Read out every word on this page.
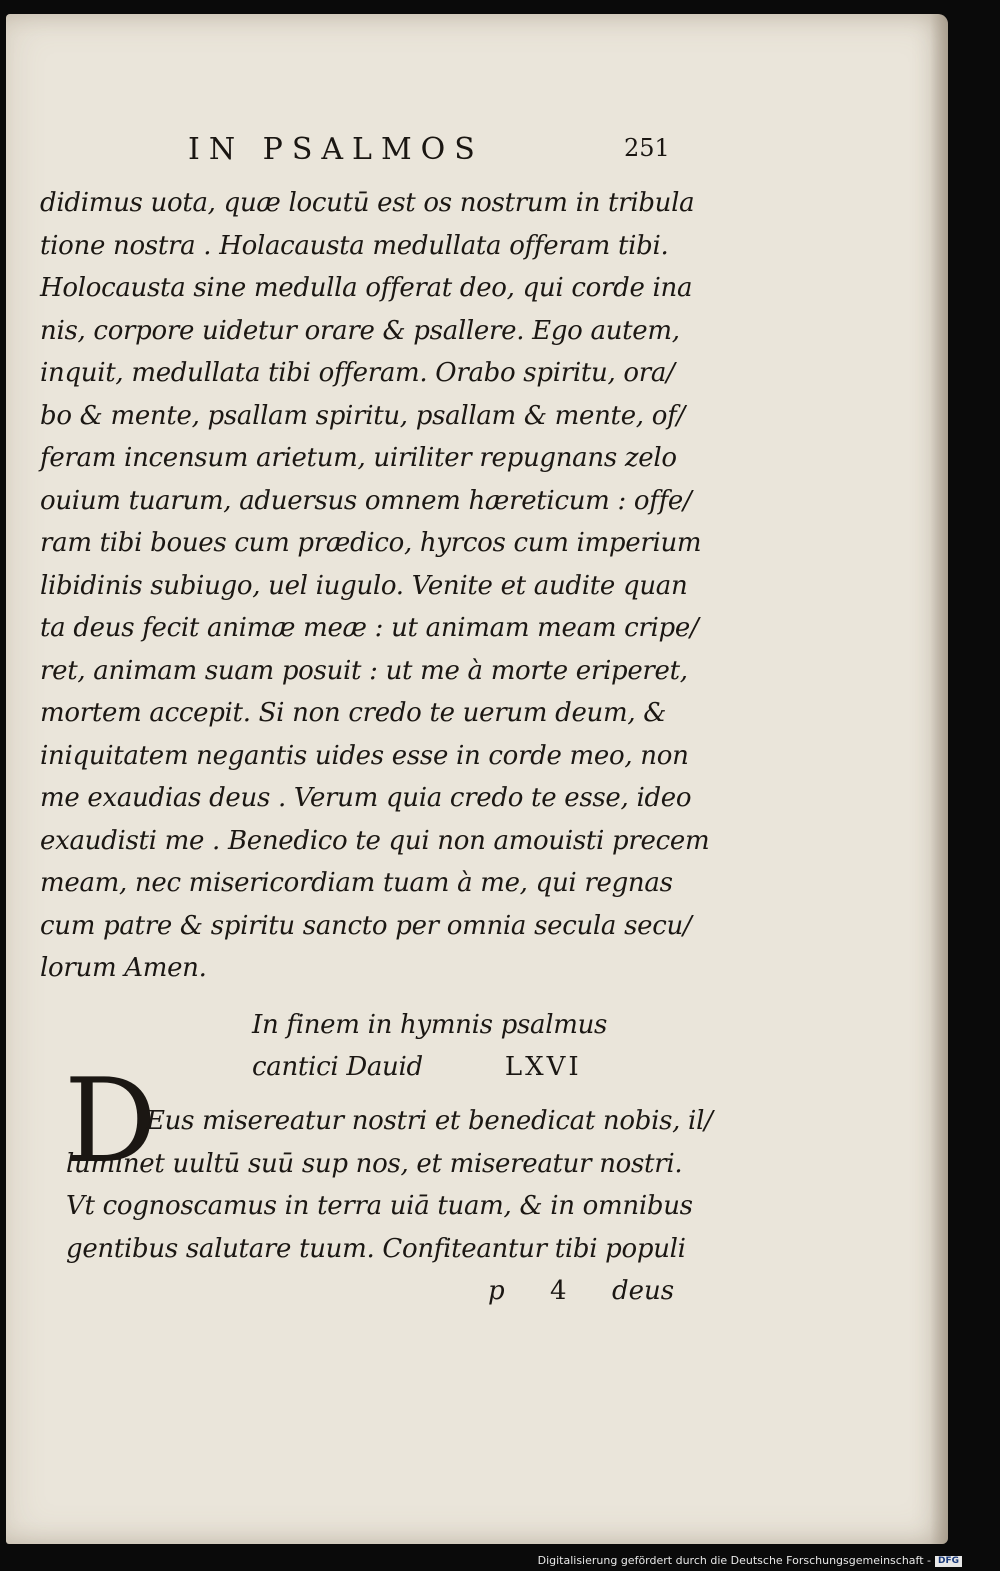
IN PSALMOS	251
didimus uota, quæ locutū est os nostrum in tribula
tione nostra . Holacausta medullata offeram tibi.
Holocausta sine medulla offerat deo, qui corde ina
nis, corpore uidetur orare & psallere. Ego autem,
inquit, medullata tibi offeram. Orabo spiritu, ora/
bo & mente, psallam spiritu, psallam & mente, of/
feram incensum arietum, uiriliter repugnans zelo
ouium tuarum, aduersus omnem hæreticum : offe/
ram tibi boues cum prædico, hyrcos cum imperium
libidinis subiugo, uel iugulo. Venite et audite quan
ta deus fecit animæ meæ : ut animam meam cripe/
ret, animam suam posuit : ut me à morte eriperet,
mortem accepit. Si non credo te uerum deum, &
iniquitatem negantis uides esse in corde meo, non
me exaudias deus . Verum quia credo te esse, ideo
exaudisti me . Benedico te qui non amouisti precem
meam, nec misericordiam tuam à me, qui regnas
cum patre & spiritu sancto per omnia secula secu/
lorum Amen.
In finem in hymnis psalmus
cantici Dauid	LXVI
D
Eus misereatur nostri et benedicat nobis, il/
luminet uultū suū sup nos, et misereatur nostri.
Vt cognoscamus in terra uiā tuam, & in omnibus
gentibus salutare tuum. Confiteantur tibi populi
p 4 deus
Digitalisierung gefördert durch die Deutsche Forschungsgemeinschaft - DFG
